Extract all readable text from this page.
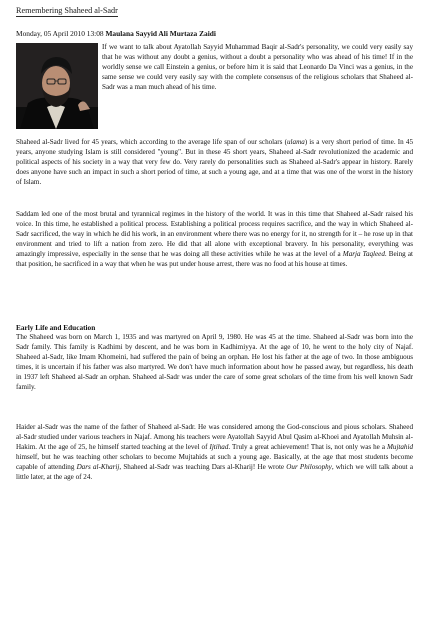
Remembering Shaheed al-Sadr
Monday, 05 April 2010 13:08 Maulana Sayyid Ali Murtaza Zaidi

If we want to talk about Ayatollah Sayyid Muhammad Baqir al-Sadr's personality, we could very easily say that he was without any doubt a genius, without a doubt a personality who was ahead of his time! If in the worldly sense we call Einstein a genius, or before him it is said that Leonardo Da Vinci was a genius, in the same sense we could very easily say with the complete consensus of the religious scholars that Shaheed al-Sadr was a man much ahead of his time.

Shaheed al-Sadr lived for 45 years, which according to the average life span of our scholars (ulama) is a very short period of time. In 45 years, anyone studying Islam is still considered "young". But in these 45 short years, Shaheed al-Sadr revolutionized the academic and political aspects of his society in a way that very few do. Very rarely do personalities such as Shaheed al-Sadr's appear in history. Rarely does anyone have such an impact in such a short period of time, at such a young age, and at a time that was one of the worst in the history of Islam.

Saddam led one of the most brutal and tyrannical regimes in the history of the world. It was in this time that Shaheed al-Sadr raised his voice. In this time, he established a political process. Establishing a political process requires sacrifice, and the way in which Shaheed al-Sadr sacrificed, the way in which he did his work, in an environment where there was no energy for it, no strength for it – he rose up in that environment and tried to lift a nation from zero. He did that all alone with exceptional bravery. In his personality, everything was amazingly impressive, especially in the sense that he was doing all these activities while he was at the level of a Marja Taqleed. Being at that position, he sacrificed in a way that when he was put under house arrest, there was no food at his house at times.

Early Life and Education

The Shaheed was born on March 1, 1935 and was martyred on April 9, 1980. He was 45 at the time. Shaheed al-Sadr was born into the Sadr family. This family is Kadhimi by descent, and he was born in Kadhimiyya. At the age of 10, he went to the holy city of Najaf. Shaheed al-Sadr, like Imam Khomeini, had suffered the pain of being an orphan. He lost his father at the age of two. In those ambiguous times, it is uncertain if his father was also martyred. We don't have much information about how he passed away, but regardless, his death in 1937 left Shaheed al-Sadr an orphan. Shaheed al-Sadr was under the care of some great scholars of the time from his well known Sadr family.

Haider al-Sadr was the name of the father of Shaheed al-Sadr. He was considered among the God-conscious and pious scholars. Shaheed al-Sadr studied under various teachers in Najaf. Among his teachers were Ayatollah Sayyid Abul Qasim al-Khoei and Ayatollah Muhsin al-Hakim. At the age of 25, he himself started teaching at the level of Ijtihad. Truly a great achievement! That is, not only was he a Mujtahid himself, but he was teaching other scholars to become Mujtahids at such a young age. Basically, at the age that most students become capable of attending Dars al-Kharij, Shaheed al-Sadr was teaching Dars al-Kharij! He wrote Our Philosophy, which we will talk about a little later, at the age of 24.
